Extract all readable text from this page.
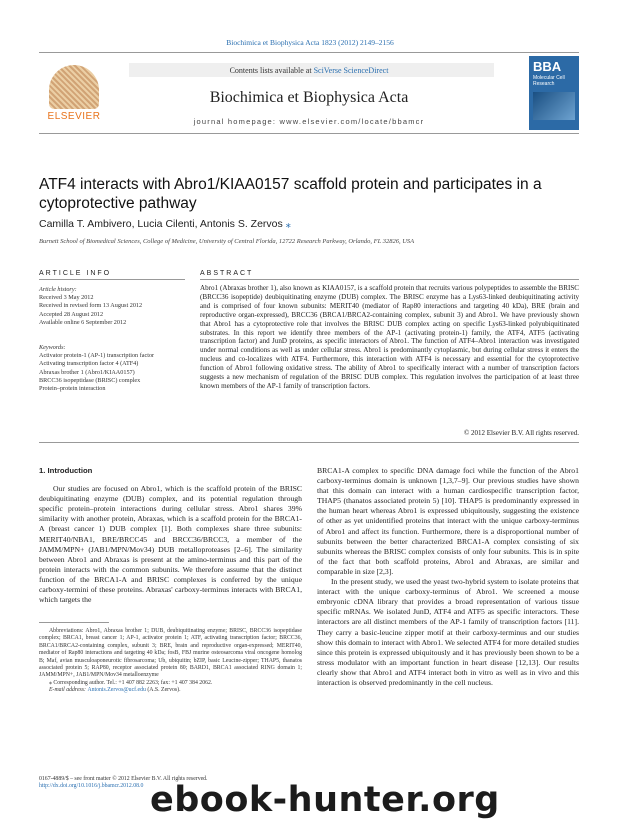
Biochimica et Biophysica Acta 1823 (2012) 2149–2156
ELSEVIER
Contents lists available at SciVerse ScienceDirect
Biochimica et Biophysica Acta
journal homepage: www.elsevier.com/locate/bbamcr
BBA
Molecular Cell Research
ATF4 interacts with Abro1/KIAA0157 scaffold protein and participates in a cytoprotective pathway
Camilla T. Ambivero, Lucia Cilenti, Antonis S. Zervos ⁎
Burnett School of Biomedical Sciences, College of Medicine, University of Central Florida, 12722 Research Parkway, Orlando, FL 32826, USA
ARTICLE INFO	ABSTRACT
Article history:
Received 3 May 2012
Received in revised form 13 August 2012
Accepted 28 August 2012
Available online 6 September 2012
Keywords:
Activator protein-1 (AP-1) transcription factor
Activating transcription factor 4 (ATF4)
Abraxas brother 1 (Abro1/KIAA0157)
BRCC36 isopeptidase (BRISC) complex
Protein–protein interaction
Abro1 (Abraxas brother 1), also known as KIAA0157, is a scaffold protein that recruits various polypeptides to assemble the BRISC (BRCC36 isopeptide) deubiquitinating enzyme (DUB) complex. The BRISC enzyme has a Lys63-linked deubiquitinating activity and is comprised of four known subunits: MERIT40 (mediator of Rap80 interactions and targeting 40 kDa), BRE (brain and reproductive organ-expressed), BRCC36 (BRCA1/BRCA2-containing complex, subunit 3) and Abro1. We have previously shown that Abro1 has a cytoprotective role that involves the BRISC DUB complex acting on specific Lys63-linked polyubiquitinated substrates. In this report we identify three members of the AP-1 (activating protein-1) family, the ATF4, ATF5 (activating transcription factor) and JunD proteins, as specific interactors of Abro1. The function of ATF4–Abro1 interaction was investigated under normal conditions as well as under cellular stress. Abro1 is predominantly cytoplasmic, but during cellular stress it enters the nucleus and co-localizes with ATF4. Furthermore, this interaction with ATF4 is necessary and essential for the cytoprotective function of Abro1 following oxidative stress. The ability of Abro1 to specifically interact with a number of transcription factors suggests a new mechanism of regulation of the BRISC DUB complex. This regulation involves the participation of at least three known members of the AP-1 family of transcription factors.
© 2012 Elsevier B.V. All rights reserved.
1. Introduction

Our studies are focused on Abro1, which is the scaffold protein of the BRISC deubiquitinating enzyme (DUB) complex, and its potential regulation through specific protein–protein interactions during cellular stress. Abro1 shares 39% similarity with another protein, Abraxas, which is a scaffold protein for the BRCA1-A (breast cancer 1) DUB complex [1]. Both complexes share three subunits: MERIT40/NBA1, BRE/BRCC45 and BRCC36/BRCC3, a member of the JAMM/MPN+ (JAB1/MPN/Mov34) DUB metalloproteases [2–6]. The similarity between Abro1 and Abraxas is present at the amino-terminus and this part of the protein interacts with the common subunits. We therefore assume that the distinct function of the BRCA1-A and BRISC complexes is conferred by the unique carboxy-termini of these proteins. Abraxas' carboxy-terminus interacts with BRCA1, which targets the

BRCA1-A complex to specific DNA damage foci while the function of the Abro1 carboxy-terminus domain is unknown [1,3,7–9]. Our previous studies have shown that this domain can interact with a human cardiospecific transcription factor, THAP5 (thanatos associated protein 5) [10]. THAP5 is predominantly expressed in the human heart whereas Abro1 is expressed ubiquitously, suggesting the existence of other as yet unidentified proteins that interact with the unique carboxy-terminus of Abro1 and affect its function. Furthermore, there is a disproportional number of subunits between the better characterized BRCA1-A complex consisting of six subunits whereas the BRISC complex consists of only four subunits. This is in spite of the fact that both scaffold proteins, Abro1 and Abraxas, are similar and comparable in size [2,3].

In the present study, we used the yeast two-hybrid system to isolate proteins that interact with the unique carboxy-terminus of Abro1. We screened a mouse embryonic cDNA library that provides a broad representation of various tissue specific mRNAs. We isolated JunD, ATF4 and ATF5 as specific interactors. These interactors are all distinct members of the AP-1 family of transcription factors [11]. They carry a basic-leucine zipper motif at their carboxy-terminus and our studies show this domain to interact with Abro1. We selected ATF4 for more detailed studies since this protein is expressed ubiquitously and it has previously been shown to be a stress modulator with an important function in heart disease [12,13]. Our results clearly show that Abro1 and ATF4 interact both in vitro as well as in vivo and this interaction is observed predominantly in the cell nucleus.

Abbreviations: Abro1, Abraxas brother 1; DUB, deubiquitinating enzyme; BRISC, BRCC36 isopeptidase complex; BRCA1, breast cancer 1; AP-1, activator protein 1; ATF, activating transcription factor; BRCC36, BRCA1/BRCA2-containing complex, subunit 3; BRE, brain and reproductive organ-expressed; MERIT40, mediator of Rap80 interactions and targeting 40 kDa; fosB, FBJ murine osteosarcoma viral oncogene homolog B; Maf, avian musculoaponeurotic fibrosarcoma; Ub, ubiquitin; bZIP, basic Leucine-zipper; THAP5, thanatos associated protein 5; RAP80, receptor associated protein 80; BARD1, BRCA1 associated RING domain 1; JAMM/MPN+, JAB1/MPN/Mov34 metalloenzyme
⁎ Corresponding author. Tel.: +1 407 882 2263; fax: +1 407 384 2062.
E-mail address: Antonis.Zervos@ucf.edu (A.S. Zervos).
0167-4889/$ – see front matter © 2012 Elsevier B.V. All rights reserved.
http://dx.doi.org/10.1016/j.bbamcr.2012.08.0 ebook-hunter.org
